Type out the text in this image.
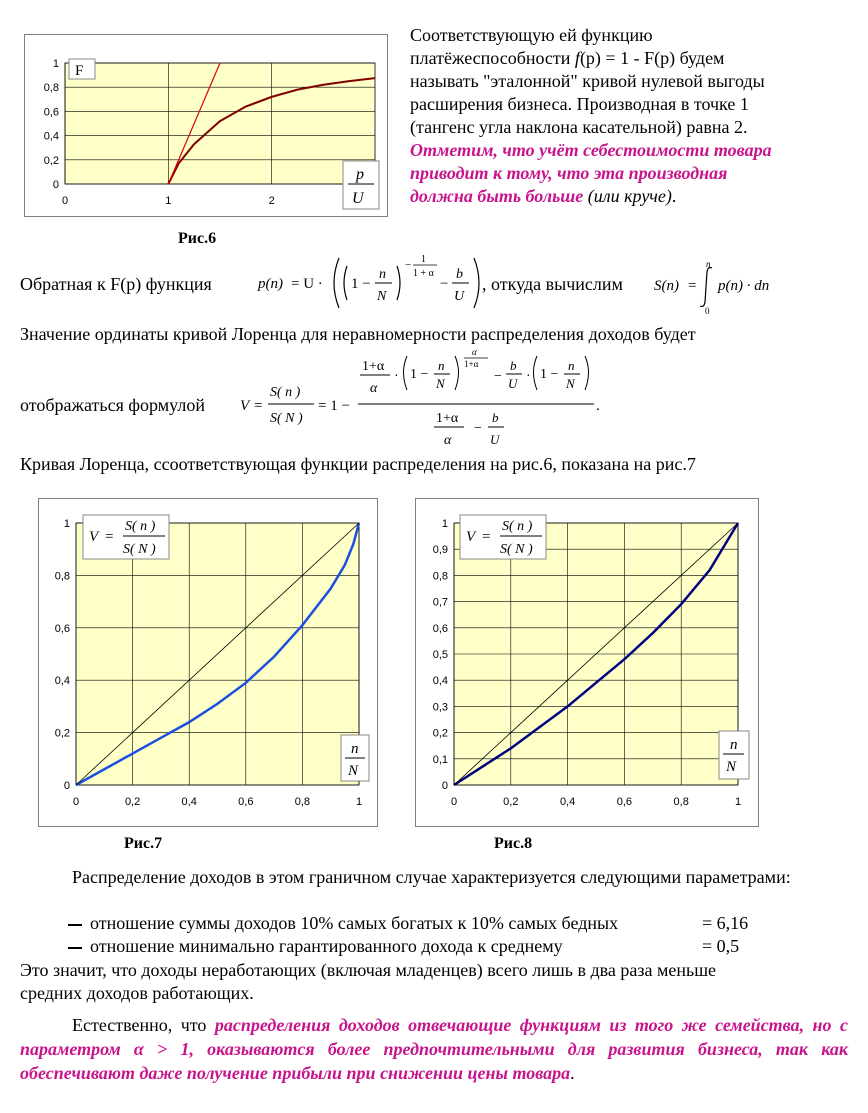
1
0,8
0,6
0,4
0,2
0
0	1	2
F
p
U
Рис.6
Соответствующую ей функцию
платёжеспособности f(p) = 1 - F(p) будем
называть "эталонной" кривой нулевой выгоды
расширения бизнеса. Производная в точке 1
(тангенс угла наклона касательной) равна 2.
Отметим, что учёт себестоимости товара
приводит к тому, что эта производная
должна быть больше (или круче).
Обратная к F(p) функция	p(n) = U · 1 −
n
N
− 1
1 + α
−
b
U
, откуда вычислим S(n) =
n
0
p(n) · dn
Значение ординаты кривой Лоренца для неравномерности распределения доходов будет
отображаться формулой V =
S( n )
S( N )
= 1 −
1+α
α
· 1 −
n
N
α
1+α
−
b
U · 1 −
n
N
1+α
α
−
b
U
.
Кривая Лоренца, ссоответствующая функции распределения на рис.6, показана на рис.7
1
0,8
0,6
0,4
0,2
0
0	0,2	0,4	0,6	0,8	1
V =
S( n )
S( N )
n
N
Рис.7
1
0,9
0,8
0,7
0,6
0,5
0,4
0,3
0,2
0,1
0
0	0,2	0,4	0,6	0,8	1
V =
S( n )
S( N )
n
N
Рис.8
Распределение доходов в этом граничном случае характеризуется следующими параметрами:
отношение суммы доходов 10% самых богатых к 10% самых бедных	= 6,16
отношение минимально гарантированного дохода к среднему	= 0,5
Это значит, что доходы неработающих (включая младенцев) всего лишь в два раза меньше
средних доходов работающих.
Естественно, что распределения доходов отвечающие функциям из того же семейства, но с параметром α > 1, оказываются более предпочтительными для развития бизнеса, так как обеспечивают даже получение прибыли при снижении цены товара.
